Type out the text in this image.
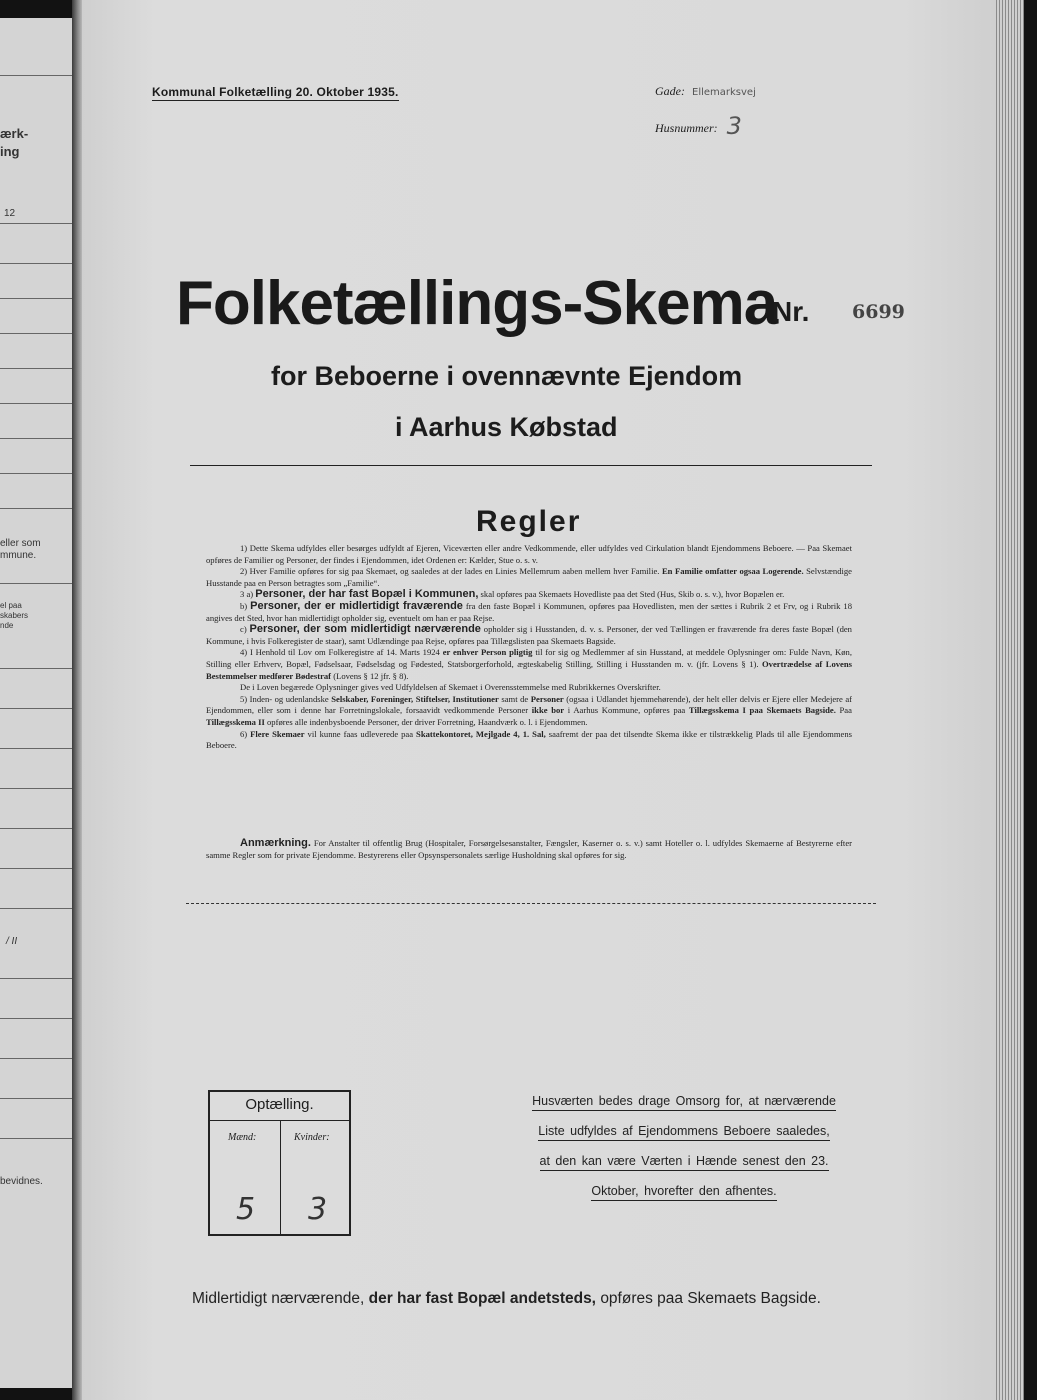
ærk-
ing
12
eller som
mmune.
el paa
skabers
nde
/ II
bevidnes.
Kommunal Folketælling 20. Oktober 1935.	Gade: Ellemarksvej
Husnummer: 3
Folketællings-Skema
Nr. 6699
for Beboerne i ovennævnte Ejendom
i Aarhus Købstad
Regler

1) Dette Skema udfyldes eller besørges udfyldt af Ejeren, Viceværten eller andre Vedkommende, eller udfyldes ved Cirkulation blandt Ejendommens Beboere. — Paa Skemaet opføres de Familier og Personer, der findes i Ejendommen, idet Ordenen er: Kælder, Stue o. s. v.

2) Hver Familie opføres for sig paa Skemaet, og saaledes at der lades en Linies Mellemrum aaben mellem hver Familie. En Familie omfatter ogsaa Logerende. Selvstændige Husstande paa en Person betragtes som „Familie“.

3 a) Personer, der har fast Bopæl i Kommunen, skal opføres paa Skemaets Hovedliste paa det Sted (Hus, Skib o. s. v.), hvor Bopælen er.

b) Personer, der er midlertidigt fraværende fra den faste Bopæl i Kommunen, opføres paa Hovedlisten, men der sættes i Rubrik 2 et Frv, og i Rubrik 18 angives det Sted, hvor han midlertidigt opholder sig, eventuelt om han er paa Rejse.

c) Personer, der som midlertidigt nærværende opholder sig i Husstanden, d. v. s. Personer, der ved Tællingen er fraværende fra deres faste Bopæl (den Kommune, i hvis Folkeregister de staar), samt Udlændinge paa Rejse, opføres paa Tillægslisten paa Skemaets Bagside.

4) I Henhold til Lov om Folkeregistre af 14. Marts 1924 er enhver Person pligtig til for sig og Medlemmer af sin Husstand, at meddele Oplysninger om: Fulde Navn, Køn, Stilling eller Erhverv, Bopæl, Fødselsaar, Fødselsdag og Fødested, Statsborgerforhold, ægteskabelig Stilling, Stilling i Husstanden m. v. (jfr. Lovens § 1). Overtrædelse af Lovens Bestemmelser medfører Bødestraf (Lovens § 12 jfr. § 8).

De i Loven begærede Oplysninger gives ved Udfyldelsen af Skemaet i Overensstemmelse med Rubrikkernes Overskrifter.

5) Inden- og udenlandske Selskaber, Foreninger, Stiftelser, Institutioner samt de Personer (ogsaa i Udlandet hjemmehørende), der helt eller delvis er Ejere eller Medejere af Ejendommen, eller som i denne har Forretningslokale, forsaavidt vedkommende Personer ikke bor i Aarhus Kommune, opføres paa Tillægsskema I paa Skemaets Bagside. Paa Tillægsskema II opføres alle indenbysboende Personer, der driver Forretning, Haandværk o. l. i Ejendommen.

6) Flere Skemaer vil kunne faas udleverede paa Skattekontoret, Mejlgade 4, 1. Sal, saafremt der paa det tilsendte Skema ikke er tilstrækkelig Plads til alle Ejendommens Beboere.

Anmærkning. For Anstalter til offentlig Brug (Hospitaler, Forsørgelsesanstalter, Fængsler, Kaserner o. s. v.) samt Hoteller o. l. udfyldes Skemaerne af Bestyrerne efter samme Regler som for private Ejendomme. Bestyrerens eller Opsynspersonalets særlige Husholdning skal opføres for sig.

Optælling.
Mænd:	Kvinder:
5 3
Husværten bedes drage Omsorg for, at nærværende
Liste udfyldes af Ejendommens Beboere saaledes,
at den kan være Værten i Hænde senest den 23.
Oktober, hvorefter den afhentes.
Midlertidigt nærværende, der har fast Bopæl andetsteds, opføres paa Skemaets Bagside.
